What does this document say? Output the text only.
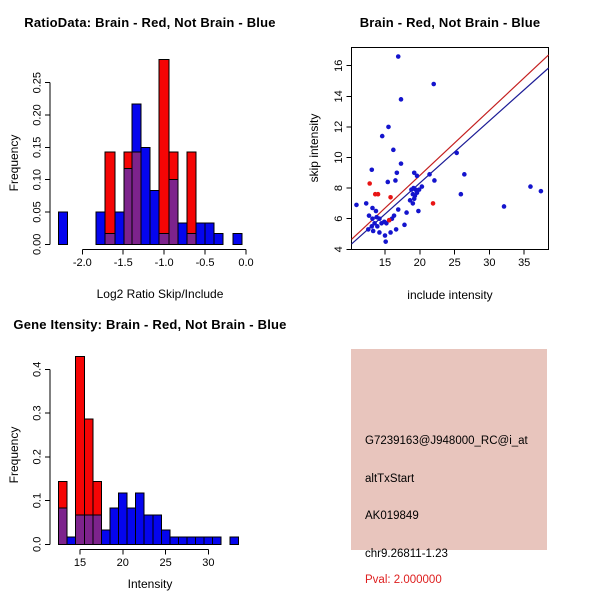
RatioData: Brain - Red, Not Brain - Blue
-2.0 -1.5 -1.0 -0.5 0.0
0.00
0.05
0.10
0.15
0.20
0.25
Log2 Ratio Skip/Include
Frequency
Brain - Red, Not Brain - Blue
15 20 25 30 35
4
6
8
10
12
14
16
include intensity
skip intensity
Gene Itensity: Brain - Red, Not Brain - Blue
15	20	25	30
0.0
0.1
0.2
0.3
0.4
Intensity
Frequency	G7239163@J948000_RC@i_at
altTxStart
AK019849
chr9.26811-1.23
Pval: 2.000000
